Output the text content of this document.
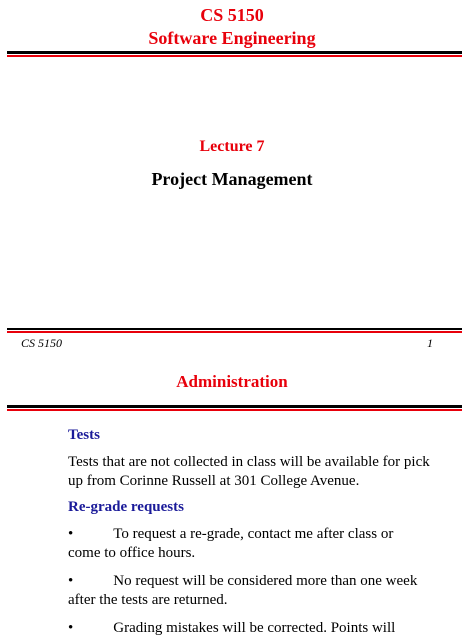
CS 5150
Software Engineering
Lecture 7
Project Management
CS 5150	1
Administration
Tests
Tests that are not collected in class will be available for pick up from Corinne Russell at 301 College Avenue.
Re-grade requests
•	To request a re-grade, contact me after class or
come to office hours.
•	No request will be considered more than one week
after the tests are returned.
•	Grading mistakes will be corrected. Points will
